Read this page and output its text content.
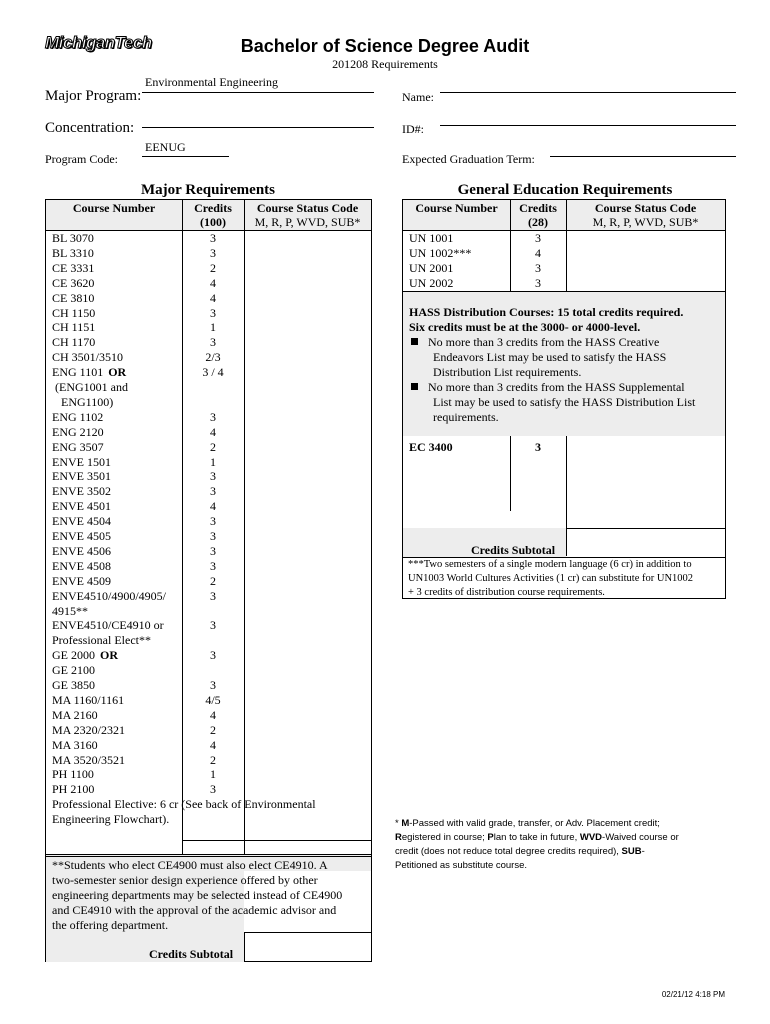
MichiganTech	Bachelor of Science Degree Audit
201208 Requirements
Environmental Engineering
Major Program:
Concentration:
EENUG
Program Code:
Name:
ID#:
Expected Graduation Term:
Major Requirements
Course Number	Credits
(100)
Course Status Code
M, R, P, WVD, SUB*
BL 3070	3
BL 3310	3
CE 3331	2
CE 3620	4
CE 3810	4
CH 1150	3
CH 1151	1
CH 1170	3
CH 3501/3510	2/3
ENG 1101 OR	3 / 4
(ENG1001 and
ENG1100)
ENG 1102	3
ENG 2120	4
ENG 3507	2
ENVE 1501	1
ENVE 3501	3
ENVE 3502	3
ENVE 4501	4
ENVE 4504	3
ENVE 4505	3
ENVE 4506	3
ENVE 4508	3
ENVE 4509	2
ENVE4510/4900/4905/	3
4915**
ENVE4510/CE4910 or	3
Professional Elect**
GE 2000 OR	3
GE 2100
GE 3850	3
MA 1160/1161	4/5
MA 2160	4
MA 2320/2321	2
MA 3160	4
MA 3520/3521	2
PH 1100	1
PH 2100	3
Professional Elective: 6 cr (See back of Environmental
Engineering Flowchart).
**Students who elect CE4900 must also elect CE4910. A
two-semester senior design experience offered by other
engineering departments may be selected instead of CE4900
and CE4910 with the approval of the academic advisor and
the offering department.
Credits Subtotal
General Education Requirements
Course Number	Credits
(28)
Course Status Code
M, R, P, WVD, SUB*
UN 1001	3
UN 1002***	4
UN 2001	3
UN 2002	3
HASS Distribution Courses: 15 total credits required.
Six credits must be at the 3000- or 4000-level.
No more than 3 credits from the HASS Creative
Endeavors List may be used to satisfy the HASS
Distribution List requirements.
No more than 3 credits from the HASS Supplemental
List may be used to satisfy the HASS Distribution List
requirements.
EC 3400	3
Credits Subtotal
***Two semesters of a single modern language (6 cr) in addition to
UN1003 World Cultures Activities (1 cr) can substitute for UN1002
+ 3 credits of distribution course requirements.
* M-Passed with valid grade, transfer, or Adv. Placement credit;
Registered in course; Plan to take in future, WVD-Waived course or
credit (does not reduce total degree credits required), SUB-
Petitioned as substitute course.
02/21/12 4:18 PM
